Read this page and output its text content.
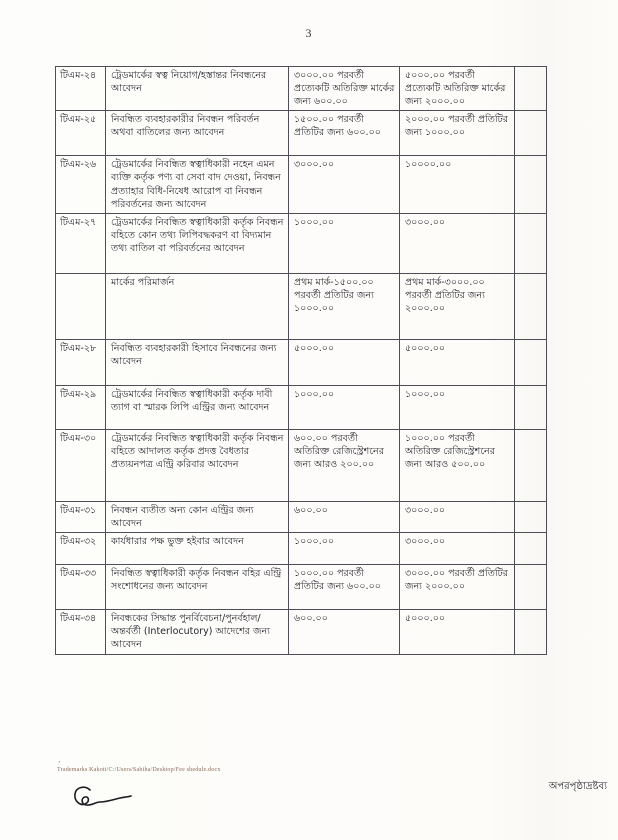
3
টিএম-২৪	ট্রেডমার্কের স্বত্ব নিয়োগ/হস্তান্তর নিবন্ধনের আবেদন	৩০০০.০০ পরবর্তী প্রত্যেকটি অতিরিক্ত মার্কের জন্য ৬০০.০০	৫০০০.০০ পরবর্তী প্রত্যেকটি অতিরিক্ত মার্কের জন্য ২০০০.০০	
টিএম-২৫	নিবন্ধিত ব্যবহারকারীর নিবন্ধন পরিবর্তন অথবা বাতিলের জন্য আবেদন	১৫০০.০০ পরবর্তী প্রতিটির জন্য ৬০০.০০	২০০০.০০ পরবর্তী প্রতিটির জন্য ১০০০.০০	
টিএম-২৬	ট্রেডমার্কের নিবন্ধিত স্বত্বাধিকারী নহেন এমন ব্যক্তি কর্তৃক পণ্য বা সেবা বাদ দেওয়া, নিবন্ধন প্রত্যাহার বিধি-নিষেধ আরোপ বা নিবন্ধন পরিবর্তনের জন্য আবেদন	৩০০০.০০	১০০০০.০০	
টিএম-২৭	ট্রেডমার্কের নিবন্ধিত স্বত্বাধিকারী কর্তৃক নিবন্ধন বহিতে কোন তথ্য লিপিবদ্ধকরণ বা বিদ্যমান তথ্য বাতিল বা পরিবর্তনের আবেদন	১০০০.০০	৩০০০.০০	
	মার্কের পরিমার্জন	প্রথম মার্ক-১৫০০.০০ পরবর্তী প্রতিটির জন্য ১০০০.০০	প্রথম মার্ক-৩০০০.০০ পরবর্তী প্রতিটির জন্য ২০০০.০০	
টিএম-২৮	নিবন্ধিত ব্যবহারকারী হিসাবে নিবন্ধনের জন্য আবেদন	৫০০০.০০	৫০০০.০০	
টিএম-২৯	ট্রেডমার্কের নিবন্ধিত স্বত্বাধিকারী কর্তৃক দাবী ত্যাগ বা স্মারক লিপি এন্ট্রির জন্য আবেদন	১০০০.০০	১০০০.০০	
টিএম-৩০	ট্রেডমার্কের নিবন্ধিত স্বত্বাধিকারী কর্তৃক নিবন্ধন বহিতে আদালত কর্তৃক প্রদত্ত বৈধতার প্রত্যয়নপত্র এন্ট্রি করিবার আবেদন	৬০০.০০ পরবর্তী অতিরিক্ত রেজিস্ট্রেশনের জন্য আরও ২০০.০০	১০০০.০০ পরবর্তী অতিরিক্ত রেজিস্ট্রেশনের জন্য আরও ৫০০.০০	
টিএম-৩১	নিবন্ধন ব্যতীত অন্য কোন এন্ট্রির জন্য আবেদন	৬০০.০০	৩০০০.০০	
টিএম-৩২	কার্যধারার পক্ষ ভুক্ত হইবার আবেদন	১০০০.০০	৩০০০.০০	
টিএম-৩৩	নিবন্ধিত স্বত্বাধিকারী কর্তৃক নিবন্ধন বহির এন্ট্রি সংশোধনের জন্য আবেদন	১০০০.০০ পরবর্তী প্রতিটির জন্য ৬০০.০০	৩০০০.০০ পরবর্তী প্রতিটির জন্য ২০০০.০০	
টিএম-৩৪	নিবন্ধকের সিদ্ধান্ত পুনর্বিবেচনা/পুনর্বহাল/অন্তর্বর্তী (Interlocutory) আদেশের জন্য আবেদন	৬০০.০০	৫০০০.০০	
’
Trademarks Kakoti/C:/Users/Sabiha/Desktop/Fee shedule.docx
অপরপৃষ্ঠাদ্রষ্টব্য
